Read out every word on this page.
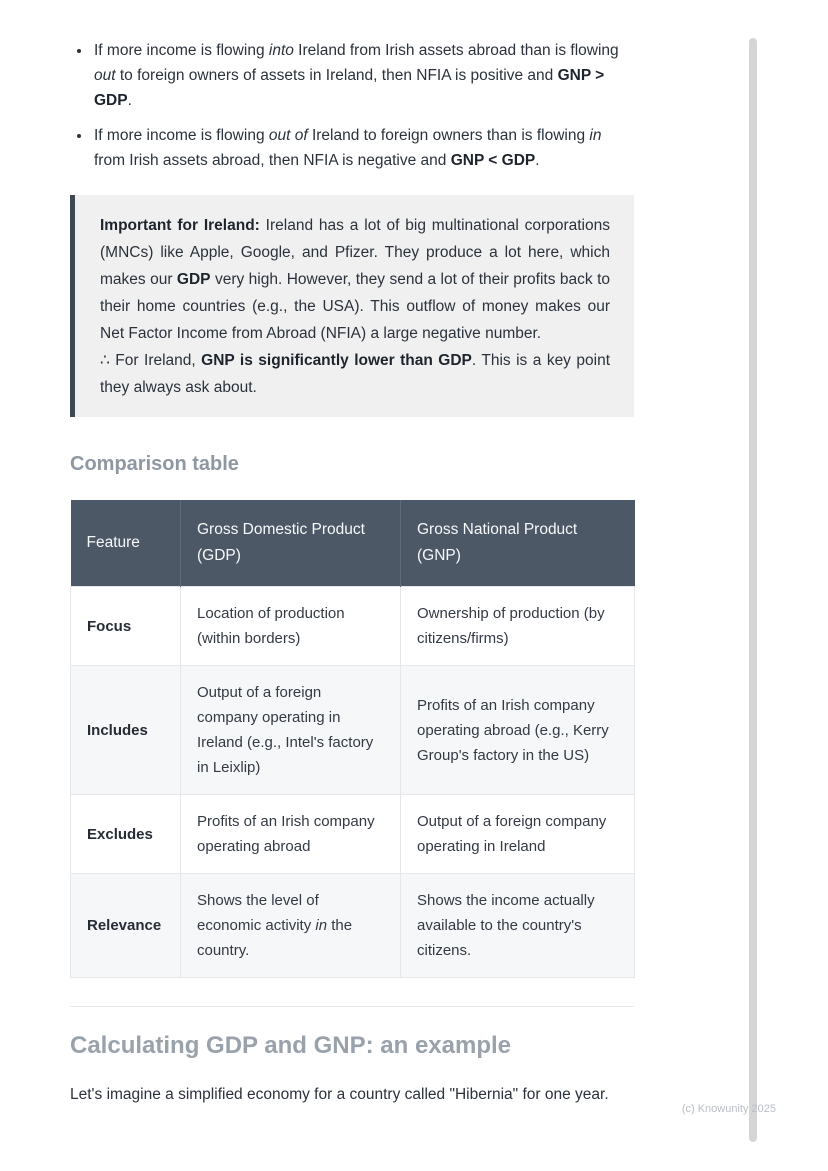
• If more income is flowing into Ireland from Irish assets abroad than is flowing out to foreign owners of assets in Ireland, then NFIA is positive and GNP > GDP.
• If more income is flowing out of Ireland to foreign owners than is flowing in from Irish assets abroad, then NFIA is negative and GNP < GDP.

Important for Ireland: Ireland has a lot of big multinational corporations (MNCs) like Apple, Google, and Pfizer. They produce a lot here, which makes our GDP very high. However, they send a lot of their profits back to their home countries (e.g., the USA). This outflow of money makes our Net Factor Income from Abroad (NFIA) a large negative number.
∴ For Ireland, GNP is significantly lower than GDP. This is a key point they always ask about.

Comparison table
Feature	Gross Domestic Product (GDP)	Gross National Product (GNP)
Focus	Location of production (within borders)	Ownership of production (by citizens/firms)
Includes	Output of a foreign company operating in Ireland (e.g., Intel's factory in Leixlip)	Profits of an Irish company operating abroad (e.g., Kerry Group's factory in the US)
Excludes	Profits of an Irish company operating abroad	Output of a foreign company operating in Ireland
Relevance	Shows the level of economic activity in the country.	Shows the income actually available to the country's citizens.
Calculating GDP and GNP: an example

Let's imagine a simplified economy for a country called "Hibernia" for one year.

(c) Knowunity 2025
